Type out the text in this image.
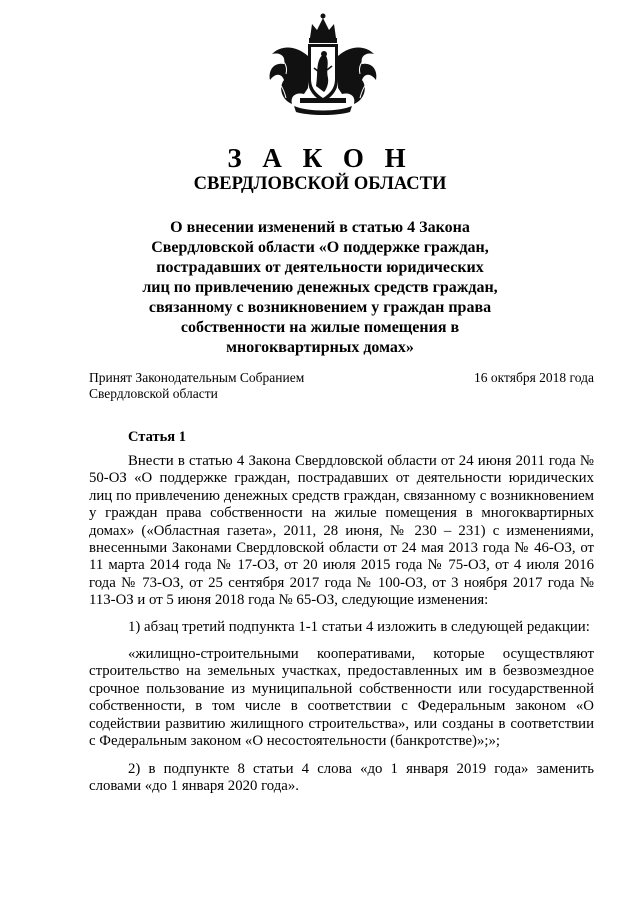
З А К О Н
СВЕРДЛОВСКОЙ ОБЛАСТИ
О внесении изменений в статью 4 Закона
Свердловской области «О поддержке граждан,
пострадавших от деятельности юридических
лиц по привлечению денежных средств граждан,
связанному с возникновением у граждан права
собственности на жилые помещения в
многоквартирных домах»
Принят Законодательным Собранием
Свердловской области
16 октября 2018 года
Статья 1

Внести в статью 4 Закона Свердловской области от 24 июня 2011 года № 50-ОЗ «О поддержке граждан, пострадавших от деятельности юридических лиц по привлечению денежных средств граждан, связанному с возникновением у граждан права собственности на жилые помещения в многоквартирных домах» («Областная газета», 2011, 28 июня, № 230 – 231) с изменениями, внесенными Законами Свердловской области от 24 мая 2013 года № 46-ОЗ, от 11 марта 2014 года № 17-ОЗ, от 20 июля 2015 года № 75-ОЗ, от 4 июля 2016 года № 73-ОЗ, от 25 сентября 2017 года № 100-ОЗ, от 3 ноября 2017 года № 113-ОЗ и от 5 июня 2018 года № 65-ОЗ, следующие изменения:

1) абзац третий подпункта 1-1 статьи 4 изложить в следующей редакции:

«жилищно-строительными кооперативами, которые осуществляют строительство на земельных участках, предоставленных им в безвозмездное срочное пользование из муниципальной собственности или государственной собственности, в том числе в соответствии с Федеральным законом «О содействии развитию жилищного строительства», или созданы в соответствии с Федеральным законом «О несостоятельности (банкротстве)»;»;

2) в подпункте 8 статьи 4 слова «до 1 января 2019 года» заменить словами «до 1 января 2020 года».
